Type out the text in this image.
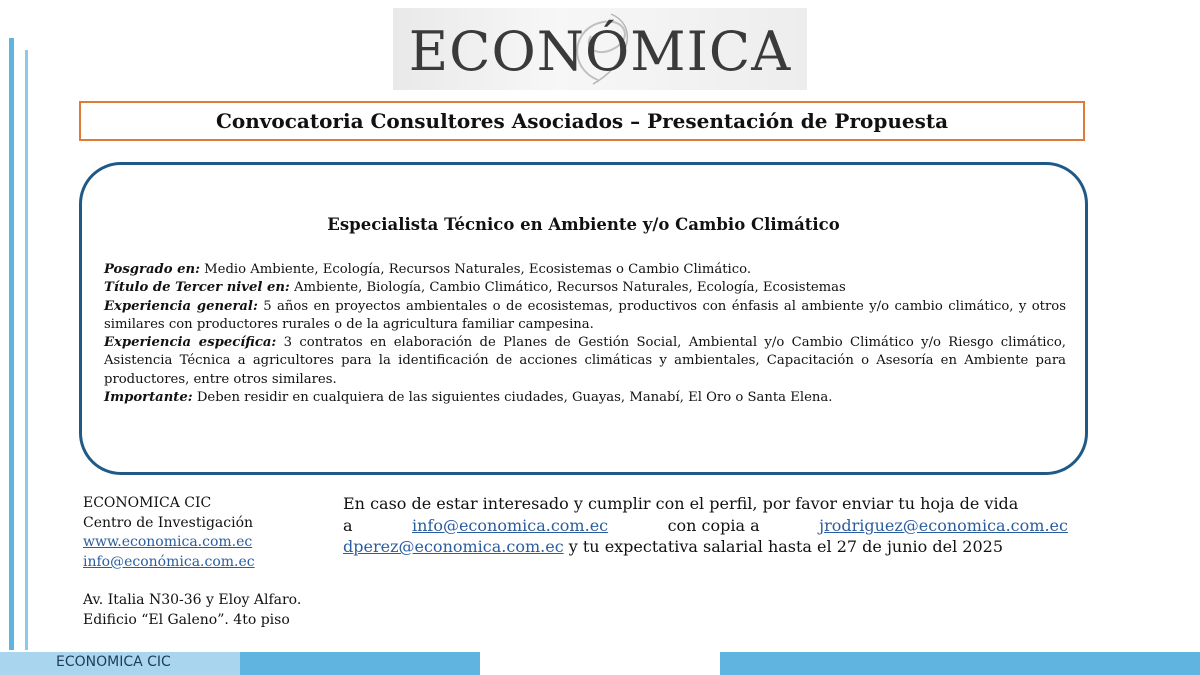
ECONÓMICA
Convocatoria Consultores Asociados – Presentación de Propuesta
Especialista Técnico en Ambiente y/o Cambio Climático

Posgrado en: Medio Ambiente, Ecología, Recursos Naturales, Ecosistemas o Cambio Climático.

Título de Tercer nivel en: Ambiente, Biología, Cambio Climático, Recursos Naturales, Ecología, Ecosistemas

Experiencia general: 5 años en proyectos ambientales o de ecosistemas, productivos con énfasis al ambiente y/o cambio climático, y otros similares con productores rurales o de la agricultura familiar campesina.

Experiencia específica: 3 contratos en elaboración de Planes de Gestión Social, Ambiental y/o Cambio Climático y/o Riesgo climático, Asistencia Técnica a agricultores para la identificación de acciones climáticas y ambientales, Capacitación o Asesoría en Ambiente para productores, entre otros similares.

Importante: Deben residir en cualquiera de las siguientes ciudades, Guayas, Manabí, El Oro o Santa Elena.

ECONOMICA CIC
Centro de Investigación
www.economica.com.ec
info@económica.com.ec
Av. Italia N30-36 y Eloy Alfaro.
Edificio “El Galeno”. 4to piso
En caso de estar interesado y cumplir con el perfil, por favor enviar tu hoja de vida
a	info@economica.com.ec	con copia a	jrodriguez@economica.com.ec
dperez@economica.com.ec y tu expectativa salarial hasta el 27 de junio del 2025
ECONOMICA CIC
